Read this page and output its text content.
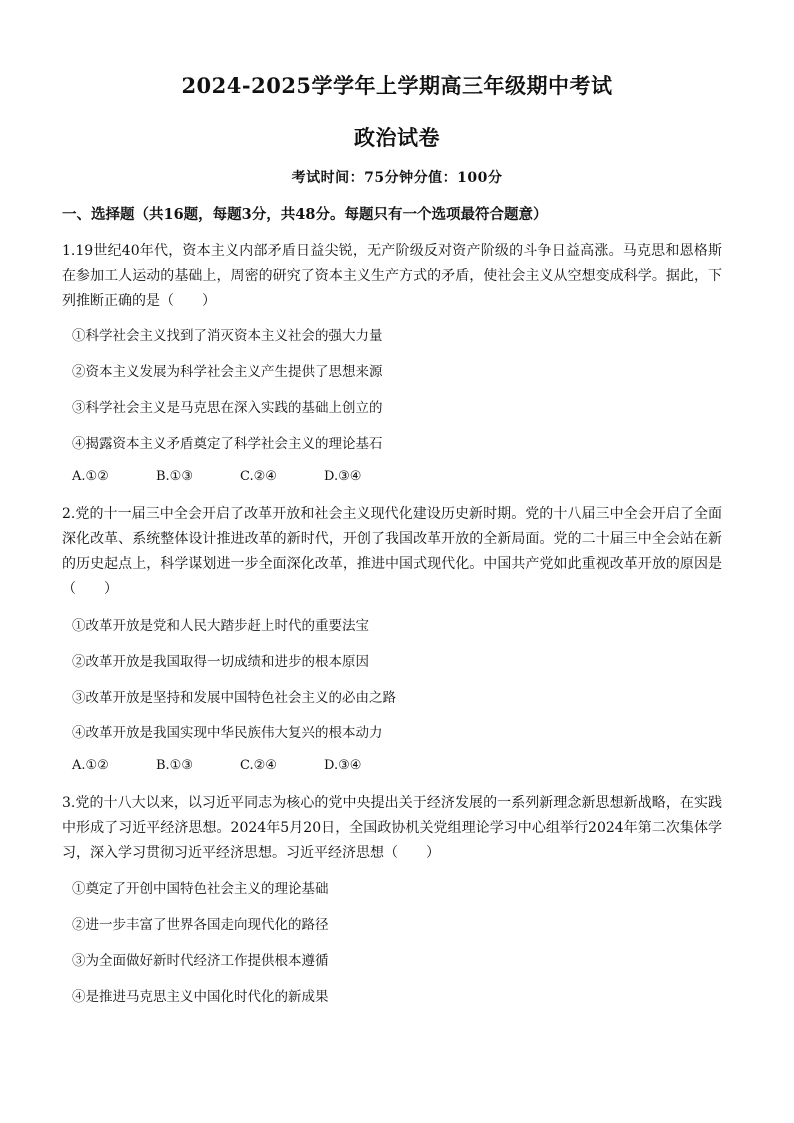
2024-2025学学年上学期高三年级期中考试
政治试卷
考试时间：75分钟分值：100分
一、选择题（共16题，每题3分，共48分。每题只有一个选项最符合题意）
1.19世纪40年代，资本主义内部矛盾日益尖锐，无产阶级反对资产阶级的斗争日益高涨。马克思和恩格斯在参加工人运动的基础上，周密的研究了资本主义生产方式的矛盾，使社会主义从空想变成科学。据此，下列推断正确的是（　　）
①科学社会主义找到了消灭资本主义社会的强大力量
②资本主义发展为科学社会主义产生提供了思想来源
③科学社会主义是马克思在深入实践的基础上创立的
④揭露资本主义矛盾奠定了科学社会主义的理论基石
A.①②	B.①③	C.②④	D.③④
2.党的十一届三中全会开启了改革开放和社会主义现代化建设历史新时期。党的十八届三中全会开启了全面深化改革、系统整体设计推进改革的新时代，开创了我国改革开放的全新局面。党的二十届三中全会站在新的历史起点上，科学谋划进一步全面深化改革，推进中国式现代化。中国共产党如此重视改革开放的原因是（　　）
①改革开放是党和人民大踏步赶上时代的重要法宝
②改革开放是我国取得一切成绩和进步的根本原因
③改革开放是坚持和发展中国特色社会主义的必由之路
④改革开放是我国实现中华民族伟大复兴的根本动力
A.①②	B.①③	C.②④	D.③④
3.党的十八大以来，以习近平同志为核心的党中央提出关于经济发展的一系列新理念新思想新战略，在实践中形成了习近平经济思想。2024年5月20日，全国政协机关党组理论学习中心组举行2024年第二次集体学习，深入学习贯彻习近平经济思想。习近平经济思想（　　）
①奠定了开创中国特色社会主义的理论基础
②进一步丰富了世界各国走向现代化的路径
③为全面做好新时代经济工作提供根本遵循
④是推进马克思主义中国化时代化的新成果
